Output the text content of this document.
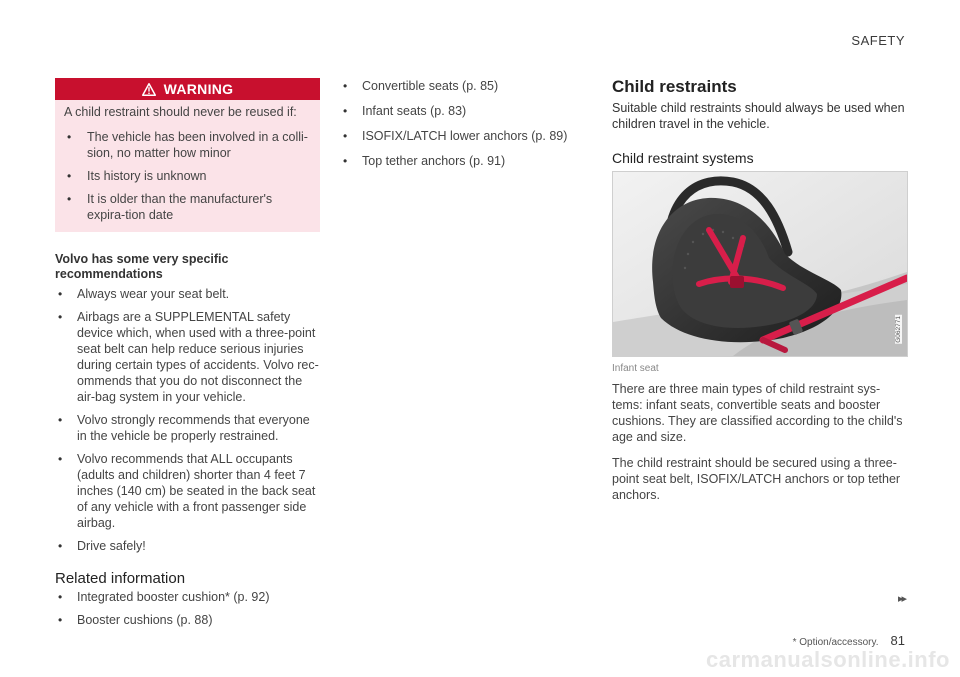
SAFETY
WARNING
A child restraint should never be reused if:
• The vehicle has been involved in a colli-sion, no matter how minor
• Its history is unknown
• It is older than the manufacturer's expira-tion date
Volvo has some very specific recommendations
• Always wear your seat belt.
• Airbags are a SUPPLEMENTAL safety device which, when used with a three-point seat belt can help reduce serious injuries during certain types of accidents. Volvo rec-ommends that you do not disconnect the air-bag system in your vehicle.
• Volvo strongly recommends that everyone in the vehicle be properly restrained.
• Volvo recommends that ALL occupants (adults and children) shorter than 4 feet 7 inches (140 cm) be seated in the back seat of any vehicle with a front passenger side airbag.
• Drive safely!
Related information
• Integrated booster cushion* (p. 92)
• Booster cushions (p. 88)
• Convertible seats (p. 85)
• Infant seats (p. 83)
• ISOFIX/LATCH lower anchors (p. 89)
• Top tether anchors (p. 91)
Child restraints
Suitable child restraints should always be used when children travel in the vehicle.
Child restraint systems
G062771
Infant seat
There are three main types of child restraint sys-tems: infant seats, convertible seats and booster cushions. They are classified according to the child's age and size.
The child restraint should be secured using a three-point seat belt, ISOFIX/LATCH anchors or top tether anchors.
▸▸
* Option/accessory. 81
carmanualsonline.info
